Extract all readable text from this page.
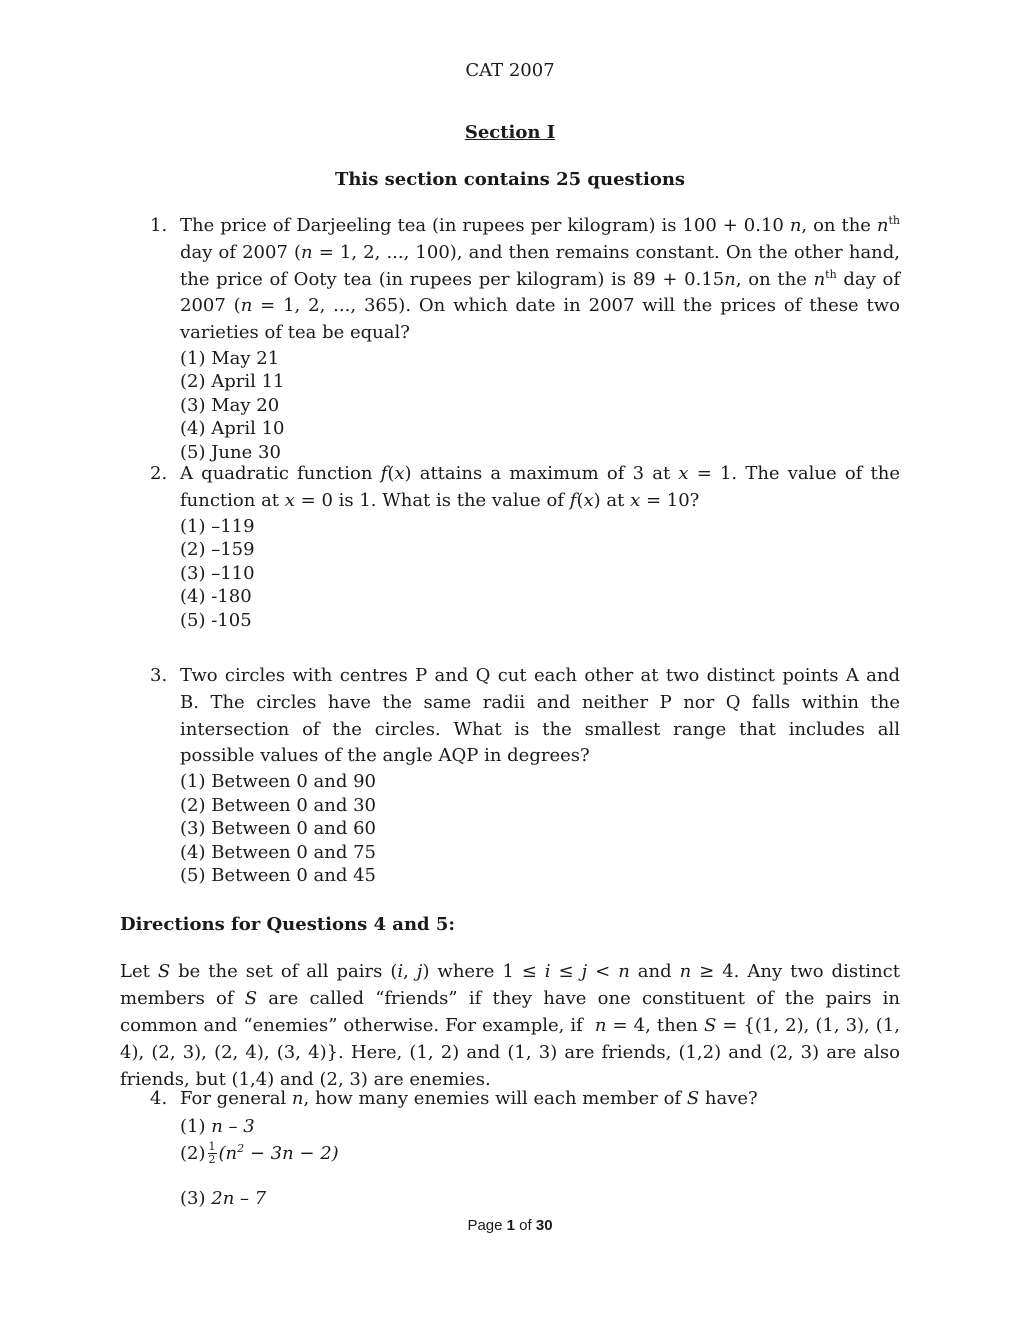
CAT 2007
Section I
This section contains 25 questions
1. The price of Darjeeling tea (in rupees per kilogram) is 100 + 0.10 n, on the $n^{th}$ day of 2007 (n = 1, 2, ..., 100), and then remains constant. On the other hand, the price of Ooty tea (in rupees per kilogram) is 89 + 0.15n, on the $n^{th}$ day of 2007 (n = 1, 2, ..., 365). On which date in 2007 will the prices of these two varieties of tea be equal?
(1) May 21
(2) April 11
(3) May 20
(4) April 10
(5) June 30
2. A quadratic function f(x) attains a maximum of 3 at x = 1. The value of the function at x = 0 is 1. What is the value of f(x) at x = 10?
(1) –119
(2) –159
(3) –110
(4) -180
(5) -105
3. Two circles with centres P and Q cut each other at two distinct points A and B. The circles have the same radii and neither P nor Q falls within the intersection of the circles. What is the smallest range that includes all possible values of the angle AQP in degrees?
(1) Between 0 and 90
(2) Between 0 and 30
(3) Between 0 and 60
(4) Between 0 and 75
(5) Between 0 and 45
Directions for Questions 4 and 5:
Let S be the set of all pairs (i, j) where 1 ≤ i ≤ j < n and n ≥ 4. Any two distinct members of S are called “friends” if they have one constituent of the pairs in common and “enemies” otherwise. For example, if  n = 4, then S = {(1, 2), (1, 3), (1, 4), (2, 3), (2, 4), (3, 4)}. Here, (1, 2) and (1, 3) are friends, (1,2) and (2, 3) are also friends, but (1,4) and (2, 3) are enemies.
4. For general n, how many enemies will each member of S have?
(1) n – 3
$(2) \frac{1}{2} (n^2 - 3n - 2)$
(3) 2n – 7
Page 1 of 30
